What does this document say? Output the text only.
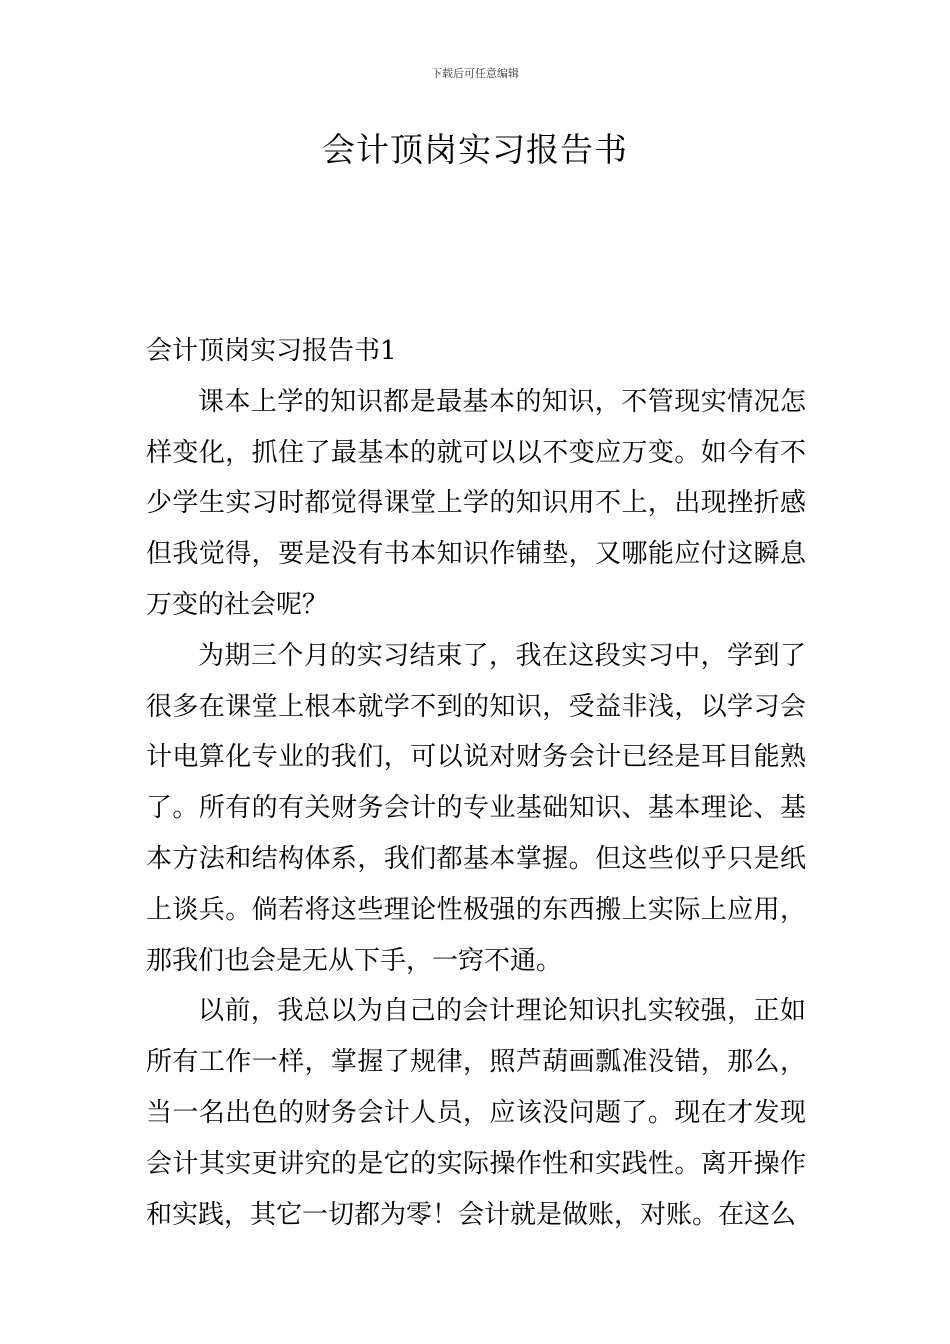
下载后可任意编辑
会计顶岗实习报告书

会计顶岗实习报告书1

课本上学的知识都是最基本的知识，不管现实情况怎样变化，抓住了最基本的就可以以不变应万变。如今有不少学生实习时都觉得课堂上学的知识用不上，出现挫折感但我觉得，要是没有书本知识作铺垫，又哪能应付这瞬息万变的社会呢？

为期三个月的实习结束了，我在这段实习中，学到了很多在课堂上根本就学不到的知识，受益非浅，以学习会计电算化专业的我们，可以说对财务会计已经是耳目能熟了。所有的有关财务会计的专业基础知识、基本理论、基本方法和结构体系，我们都基本掌握。但这些似乎只是纸上谈兵。倘若将这些理论性极强的东西搬上实际上应用，那我们也会是无从下手，一窍不通。

以前，我总以为自己的会计理论知识扎实较强，正如所有工作一样，掌握了规律，照芦葫画瓢准没错，那么，当一名出色的财务会计人员，应该没问题了。现在才发现会计其实更讲究的是它的实际操作性和实践性。离开操作和实践，其它一切都为零！会计就是做账，对账。在这么
